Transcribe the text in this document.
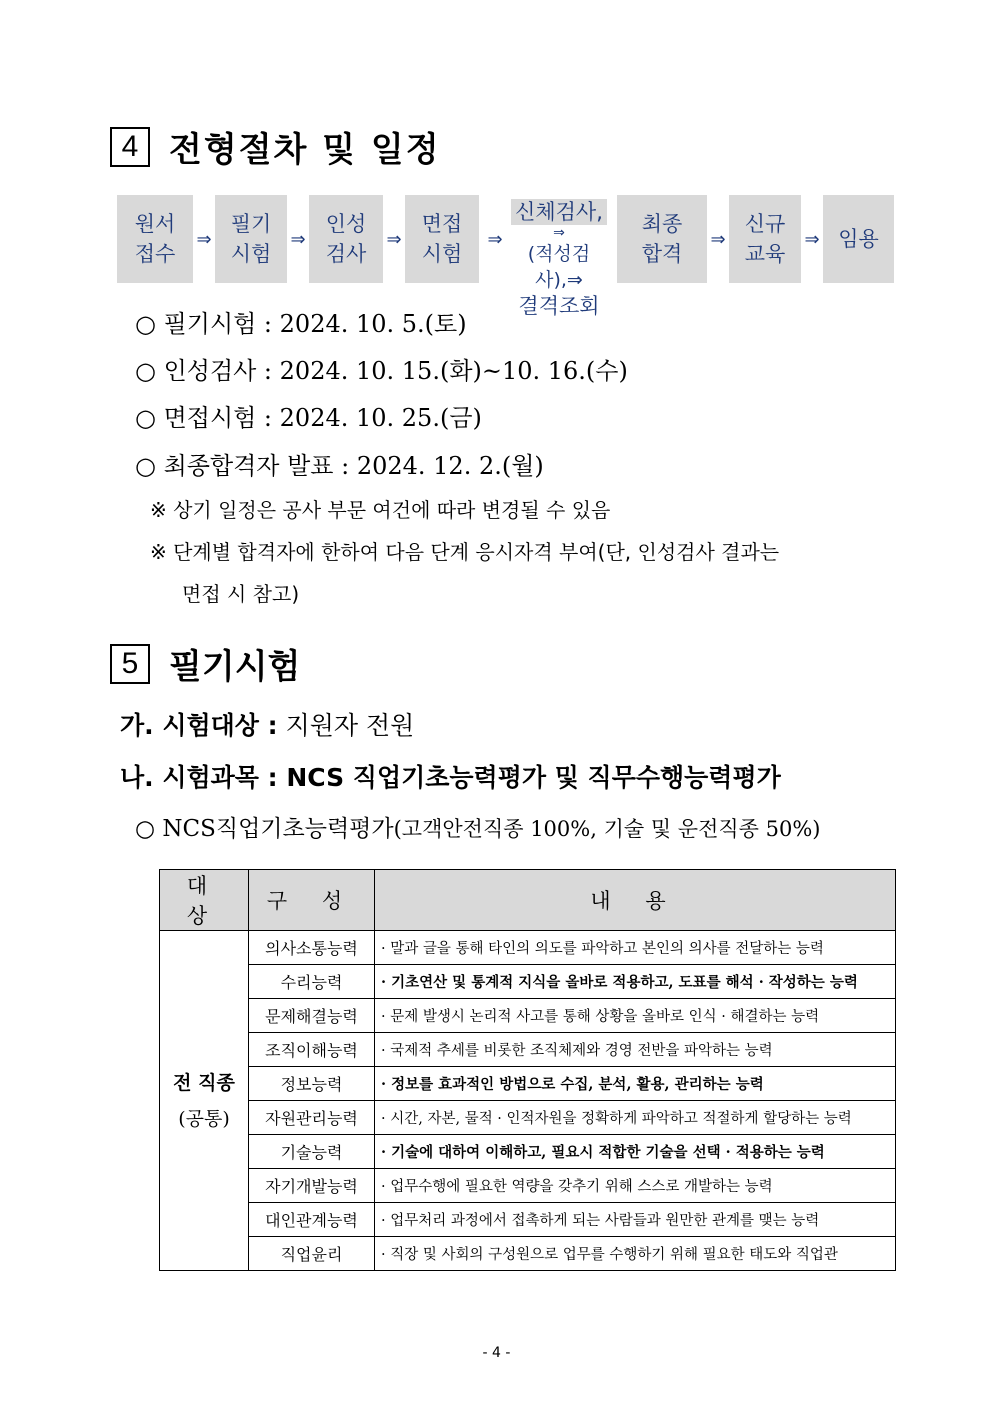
4 전형절차 및 일정
원서
접수
⇒
필기
시험
⇒
인성
검사
⇒
면접
시험
⇒
신체검사,
⇒
(적성검사),⇒
결격조회
최종
합격
⇒
신규
교육
⇒ 임용
○ 필기시험 : 2024. 10. 5.(토)
○ 인성검사 : 2024. 10. 15.(화)~10. 16.(수)
○ 면접시험 : 2024. 10. 25.(금)
○ 최종합격자 발표 : 2024. 12. 2.(월)
※ 상기 일정은 공사 부문 여건에 따라 변경될 수 있음
※ 단계별 합격자에 한하여 다음 단계 응시자격 부여(단, 인성검사 결과는
면접 시 참고)
5 필기시험
가. 시험대상 : 지원자 전원
나. 시험과목 : NCS 직업기초능력평가 및 직무수행능력평가
○ NCS직업기초능력평가(고객안전직종 100%, 기술 및 운전직종 50%)
대 상	구 성	내 용

전 직종
(공통)	의사소통능력	· 말과 글을 통해 타인의 의도를 파악하고 본인의 의사를 전달하는 능력
	수리능력	· 기초연산 및 통계적 지식을 올바로 적용하고, 도표를 해석 · 작성하는 능력
	문제해결능력	· 문제 발생시 논리적 사고를 통해 상황을 올바로 인식 · 해결하는 능력
	조직이해능력	· 국제적 추세를 비롯한 조직체제와 경영 전반을 파악하는 능력
	정보능력	· 정보를 효과적인 방법으로 수집, 분석, 활용, 관리하는 능력
	자원관리능력	· 시간, 자본, 물적 · 인적자원을 정확하게 파악하고 적절하게 할당하는 능력
	기술능력	· 기술에 대하여 이해하고, 필요시 적합한 기술을 선택 · 적용하는 능력
	자기개발능력	· 업무수행에 필요한 역량을 갖추기 위해 스스로 개발하는 능력
	대인관계능력	· 업무처리 과정에서 접촉하게 되는 사람들과 원만한 관계를 맺는 능력
	직업윤리	· 직장 및 사회의 구성원으로 업무를 수행하기 위해 필요한 태도와 직업관
- 4 -
